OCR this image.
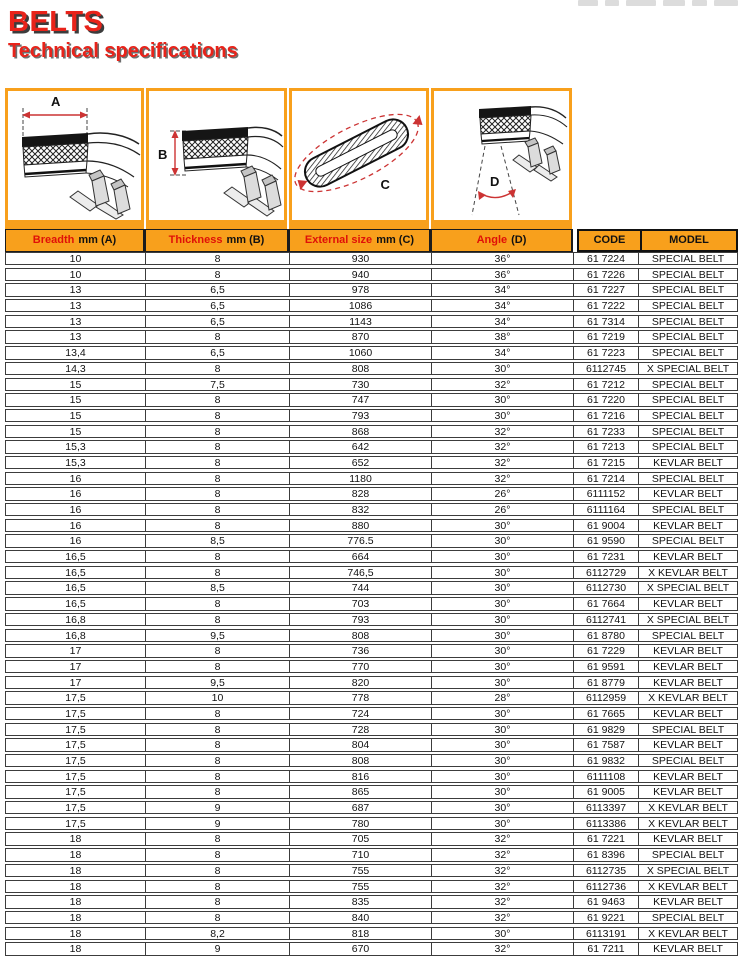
BELTS
Technical specifications
A
B
C	D
Breadth mm (A)	Thickness mm (B)	External size mm (C)	Angle (D)	CODE	MODEL
10	8	930	36°	61 7224	SPECIAL BELT
10	8	940	36°	61 7226	SPECIAL BELT
13	6,5	978	34°	61 7227	SPECIAL BELT
13	6,5	1086	34°	61 7222	SPECIAL BELT
13	6,5	1143	34°	61 7314	SPECIAL BELT
13	8	870	38°	61 7219	SPECIAL BELT
13,4	6,5	1060	34°	61 7223	SPECIAL BELT
14,3	8	808	30°	6112745	X SPECIAL BELT
15	7,5	730	32°	61 7212	SPECIAL BELT
15	8	747	30°	61 7220	SPECIAL BELT
15	8	793	30°	61 7216	SPECIAL BELT
15	8	868	32°	61 7233	SPECIAL BELT
15,3	8	642	32°	61 7213	SPECIAL BELT
15,3	8	652	32°	61 7215	KEVLAR BELT
16	8	1180	32°	61 7214	SPECIAL BELT
16	8	828	26°	6111152	KEVLAR BELT
16	8	832	26°	6111164	SPECIAL BELT
16	8	880	30°	61 9004	KEVLAR BELT
16	8,5	776.5	30°	61 9590	SPECIAL BELT
16,5	8	664	30°	61 7231	KEVLAR BELT
16,5	8	746,5	30°	6112729	X KEVLAR BELT
16,5	8,5	744	30°	6112730	X SPECIAL BELT
16,5	8	703	30°	61 7664	KEVLAR BELT
16,8	8	793	30°	6112741	X SPECIAL BELT
16,8	9,5	808	30°	61 8780	SPECIAL BELT
17	8	736	30°	61 7229	KEVLAR BELT
17	8	770	30°	61 9591	KEVLAR BELT
17	9,5	820	30°	61 8779	KEVLAR BELT
17,5	10	778	28°	6112959	X KEVLAR BELT
17,5	8	724	30°	61 7665	KEVLAR BELT
17,5	8	728	30°	61 9829	SPECIAL BELT
17,5	8	804	30°	61 7587	KEVLAR BELT
17,5	8	808	30°	61 9832	SPECIAL BELT
17,5	8	816	30°	6111108	KEVLAR BELT
17,5	8	865	30°	61 9005	KEVLAR BELT
17,5	9	687	30°	6113397	X KEVLAR BELT
17,5	9	780	30°	6113386	X KEVLAR BELT
18	8	705	32°	61 7221	KEVLAR BELT
18	8	710	32°	61 8396	SPECIAL BELT
18	8	755	32°	6112735	X SPECIAL BELT
18	8	755	32°	6112736	X KEVLAR BELT
18	8	835	32°	61 9463	KEVLAR BELT
18	8	840	32°	61 9221	SPECIAL BELT
18	8,2	818	30°	6113191	X KEVLAR BELT
18	9	670	32°	61 7211	KEVLAR BELT
